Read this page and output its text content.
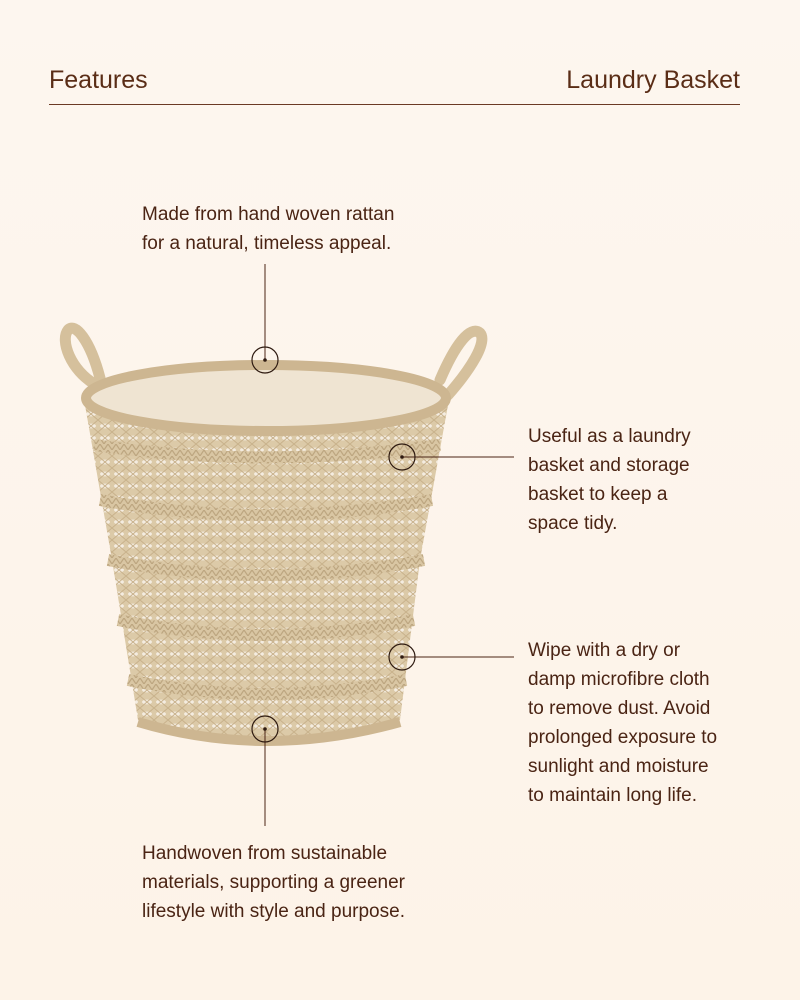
Features	Laundry Basket
Made from hand woven rattan
for a natural, timeless appeal.
Useful as a laundry
basket and storage
basket to keep a
space tidy.
Wipe with a dry or
damp microfibre cloth
to remove dust. Avoid
prolonged exposure to
sunlight and moisture
to maintain long life.
Handwoven from sustainable
materials, supporting a greener
lifestyle with style and purpose.
